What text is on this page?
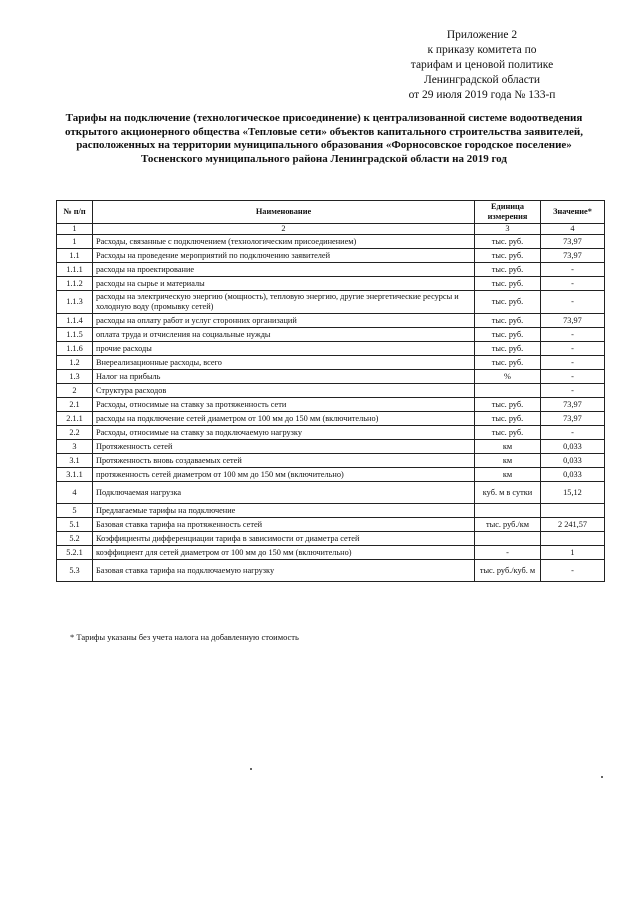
Приложение 2
к приказу комитета по
тарифам и ценовой политике
Ленинградской области
от 29 июля 2019 года № 133-п
Тарифы на подключение (технологическое присоединение) к централизованной системе водоотведения открытого акционерного общества «Тепловые сети» объектов капитального строительства заявителей, расположенных на территории муниципального образования «Форносовское городское поселение» Тосненского муниципального района Ленинградской области на 2019 год
№ п/п	Наименование	Единица измерения	Значение*
1	2	3	4
1	Расходы, связанные с подключением (технологическим присоединением)	тыс. руб.	73,97
1.1	Расходы на проведение мероприятий по подключению заявителей	тыс. руб.	73,97
1.1.1	расходы на проектирование	тыс. руб.	-
1.1.2	расходы на сырье и материалы	тыс. руб.	-
1.1.3	расходы на электрическую энергию (мощность), тепловую энергию, другие энергетические ресурсы и холодную воду (промывку сетей)	тыс. руб.	-
1.1.4	расходы на оплату работ и услуг сторонних организаций	тыс. руб.	73,97
1.1.5	оплата труда и отчисления на социальные нужды	тыс. руб.	-
1.1.6	прочие расходы	тыс. руб.	-
1.2	Внереализационные расходы, всего	тыс. руб.	-
1.3	Налог на прибыль	%	-
2	Структура расходов		-
2.1	Расходы, относимые на ставку за протяженность сети	тыс. руб.	73,97
2.1.1	расходы на подключение сетей диаметром от 100 мм до 150 мм (включительно)	тыс. руб.	73,97
2.2	Расходы, относимые на ставку за подключаемую нагрузку	тыс. руб.	-
3	Протяженность сетей	км	0,033
3.1	Протяженность вновь создаваемых сетей	км	0,033
3.1.1	протяженность сетей диаметром от 100 мм до 150 мм (включительно)	км	0,033
4	Подключаемая нагрузка	куб. м в сутки	15,12
5	Предлагаемые тарифы на подключение		
5.1	Базовая ставка тарифа на протяженность сетей	тыс. руб./км	2 241,57
5.2	Коэффициенты дифференциации тарифа в зависимости от диаметра сетей		
5.2.1	коэффициент для сетей диаметром от 100 мм до 150 мм (включительно)	-	1
5.3	Базовая ставка тарифа на подключаемую нагрузку	тыс. руб./куб. м	-
* Тарифы указаны без учета налога на добавленную стоимость
